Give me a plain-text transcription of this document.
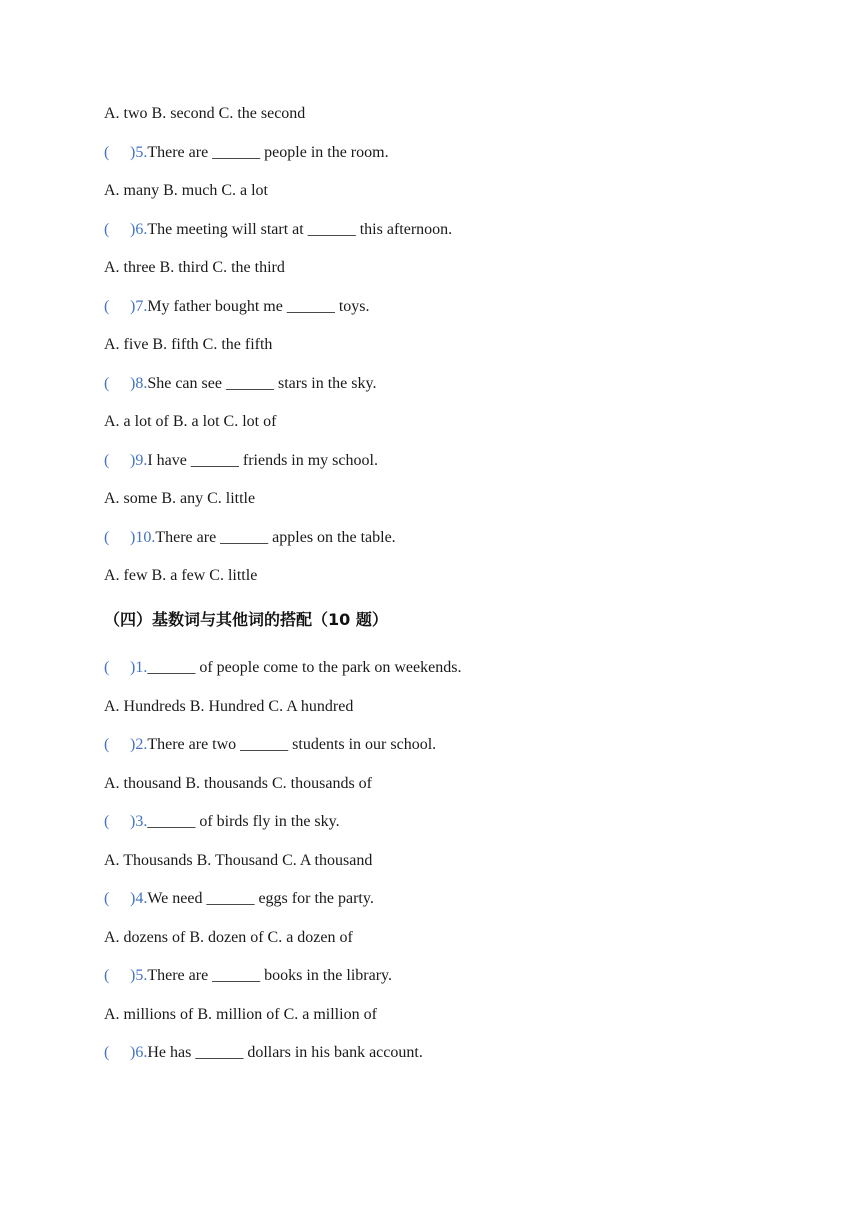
A. two B. second C. the second
( )5.There are ______ people in the room.
A. many B. much C. a lot
( )6.The meeting will start at ______ this afternoon.
A. three B. third C. the third
( )7.My father bought me ______ toys.
A. five B. fifth C. the fifth
( )8.She can see ______ stars in the sky.
A. a lot of B. a lot C. lot of
( )9.I have ______ friends in my school.
A. some B. any C. little
( )10.There are ______ apples on the table.
A. few B. a few C. little
（四）基数词与其他词的搭配（10 题）
( )1.______ of people come to the park on weekends.
A. Hundreds B. Hundred C. A hundred
( )2.There are two ______ students in our school.
A. thousand B. thousands C. thousands of
( )3.______ of birds fly in the sky.
A. Thousands B. Thousand C. A thousand
( )4.We need ______ eggs for the party.
A. dozens of B. dozen of C. a dozen of
( )5.There are ______ books in the library.
A. millions of B. million of C. a million of
( )6.He has ______ dollars in his bank account.
